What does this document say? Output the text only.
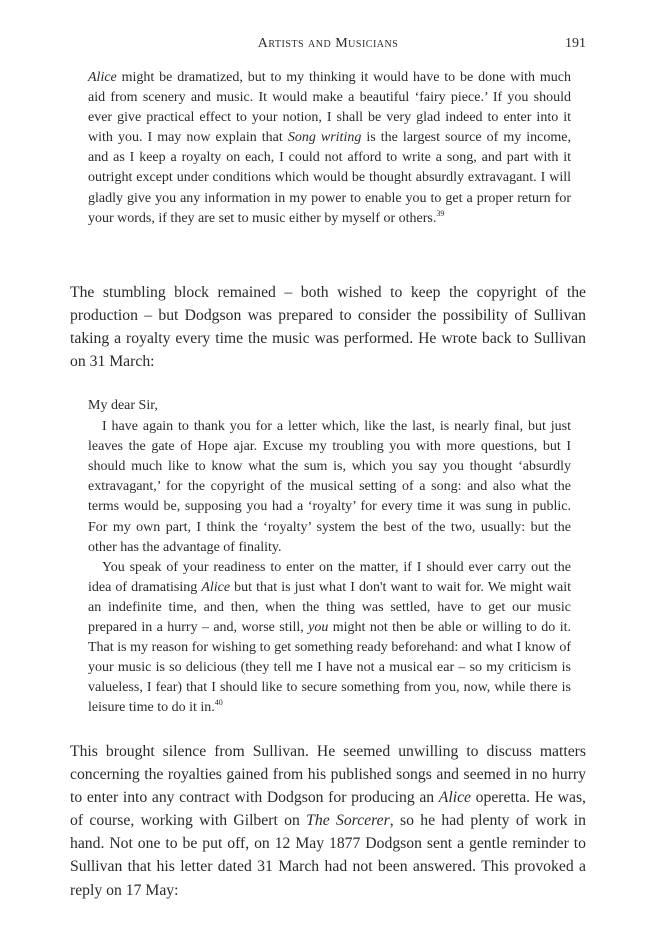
Artists and Musicians	191

Alice might be dramatized, but to my thinking it would have to be done with much aid from scenery and music. It would make a beautiful ‘fairy piece.’ If you should ever give practical effect to your notion, I shall be very glad indeed to enter into it with you. I may now explain that Song writing is the largest source of my income, and as I keep a royalty on each, I could not afford to write a song, and part with it outright except under conditions which would be thought absurdly extravagant. I will gladly give you any information in my power to enable you to get a proper return for your words, if they are set to music either by myself or others.$^{39}$

The stumbling block remained – both wished to keep the copyright of the production – but Dodgson was prepared to consider the possibility of Sullivan taking a royalty every time the music was performed. He wrote back to Sullivan on 31 March:

My dear Sir,

I have again to thank you for a letter which, like the last, is nearly final, but just leaves the gate of Hope ajar. Excuse my troubling you with more questions, but I should much like to know what the sum is, which you say you thought ‘absurdly extravagant,’ for the copyright of the musical setting of a song: and also what the terms would be, supposing you had a ‘royalty’ for every time it was sung in public. For my own part, I think the ‘royalty’ system the best of the two, usually: but the other has the advantage of finality.

You speak of your readiness to enter on the matter, if I should ever carry out the idea of dramatising Alice but that is just what I don't want to wait for. We might wait an indefinite time, and then, when the thing was settled, have to get our music prepared in a hurry – and, worse still, you might not then be able or willing to do it. That is my reason for wishing to get something ready beforehand: and what I know of your music is so delicious (they tell me I have not a musical ear – so my criticism is valueless, I fear) that I should like to secure something from you, now, while there is leisure time to do it in.$^{40}$

This brought silence from Sullivan. He seemed unwilling to discuss matters concerning the royalties gained from his published songs and seemed in no hurry to enter into any contract with Dodgson for producing an Alice operetta. He was, of course, working with Gilbert on The Sorcerer, so he had plenty of work in hand. Not one to be put off, on 12 May 1877 Dodgson sent a gentle reminder to Sullivan that his letter dated 31 March had not been answered. This provoked a reply on 17 May:
